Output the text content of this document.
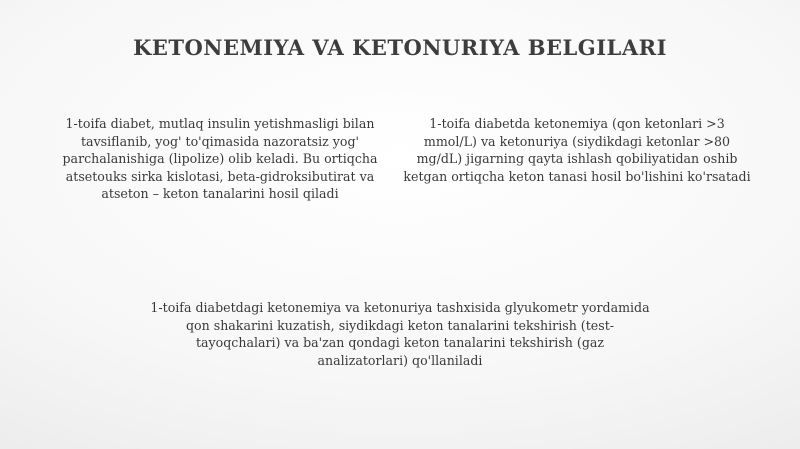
KETONEMIYA VA KETONURIYA BELGILARI

1-toifa diabet, mutlaq insulin yetishmasligi bilan tavsiflanib, yog' to'qimasida nazoratsiz yog' parchalanishiga (lipolize) olib keladi. Bu ortiqcha atsetouks sirka kislotasi, beta-gidroksibutirat va atseton – keton tanalarini hosil qiladi

1-toifa diabetda ketonemiya (qon ketonlari >3 mmol/L) va ketonuriya (siydikdagi ketonlar >80 mg/dL) jigarning qayta ishlash qobiliyatidan oshib ketgan ortiqcha keton tanasi hosil bo'lishini ko'rsatadi

1-toifa diabetdagi ketonemiya va ketonuriya tashxisida glyukometr yordamida qon shakarini kuzatish, siydikdagi keton tanalarini tekshirish (test-tayoqchalari) va ba'zan qondagi keton tanalarini tekshirish (gaz analizatorlari) qo'llaniladi
